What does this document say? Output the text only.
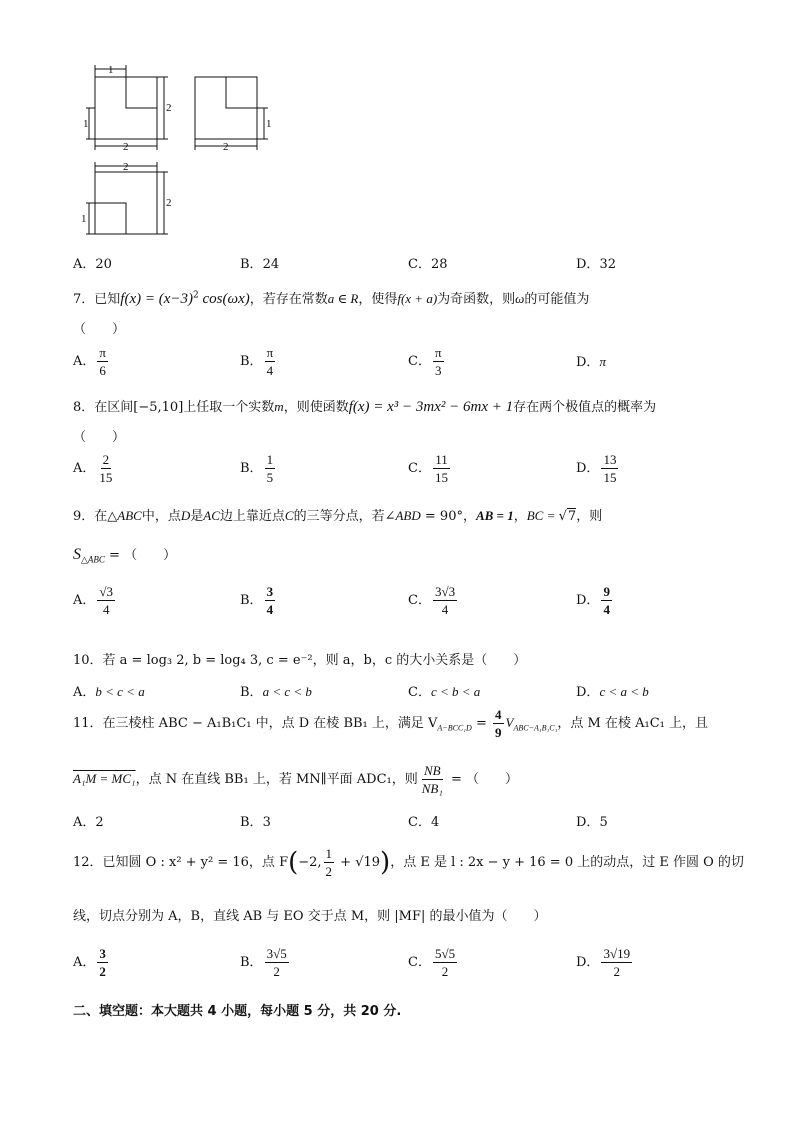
1
1
2
2
1
2
2
2
1
A．20	B．24	C．28	D．32
7．已知$f(x) = (x-3)^2$ cos(ωx)，若存在常数a ∈ R，使得f(x + a)为奇函数，则ω的可能值为
（　　）
A． $\frac{\pi}{6}$	B． $\frac{\pi}{4}$	C． $\frac{\pi}{3}$	D．π
8．在区间[−5,10]上任取一个实数m，则使函数f(x) = x³ − 3mx² − 6mx + 1存在两个极值点的概率为
（　　）
A． $\frac{2}{15}$	B． $\frac{1}{5}$	C． $\frac{11}{15}$	D． $\frac{13}{15}$
9．在△ABC中，点D是AC边上靠近点C的三等分点，若∠ABD = 90°，AB = 1，BC = √7，则
$S_{\triangle ABC}$ = （　　）
A． $\frac{√3}{4}$	B． $\frac{3}{4}$	C． $\frac{3√3}{4}$	D． $\frac{9}{4}$
10．若 a = log₃ 2, b = log₄ 3, c = e⁻²，则 a，b，c 的大小关系是（　　）
A．b < c < a	B．a < c < b	C．c < b < a	D．c < a < b
11．在三棱柱 ABC − A₁B₁C₁ 中，点 D 在棱 BB₁ 上，满足 $V_{A-BCC_1D} = \frac{4}{9} V_{ABC-A_1B_1C_1}$，点 M 在棱 A₁C₁ 上，且
A₁M = MC₁，点 N 在直线 BB₁ 上，若 MN∥平面 ADC₁，则 $\frac{NB}{\text{NB₁}}$ = （　　）
A．2	B．3	C．4	D．5
12．已知圆 O : x² + y² = 16，点 F(−2, $\frac{1}{2} + √19$)，点 E 是 l : 2x − y + 16 = 0 上的动点，过 E 作圆 O 的切
线，切点分别为 A，B，直线 AB 与 EO 交于点 M，则 |MF| 的最小值为（　　）
A． $\frac{3}{2}$	B． $\frac{3√5}{2}$	C． $\frac{5√5}{2}$	D． $\frac{3√19}{2}$
二、填空题：本大题共 4 小题，每小题 5 分，共 20 分.
